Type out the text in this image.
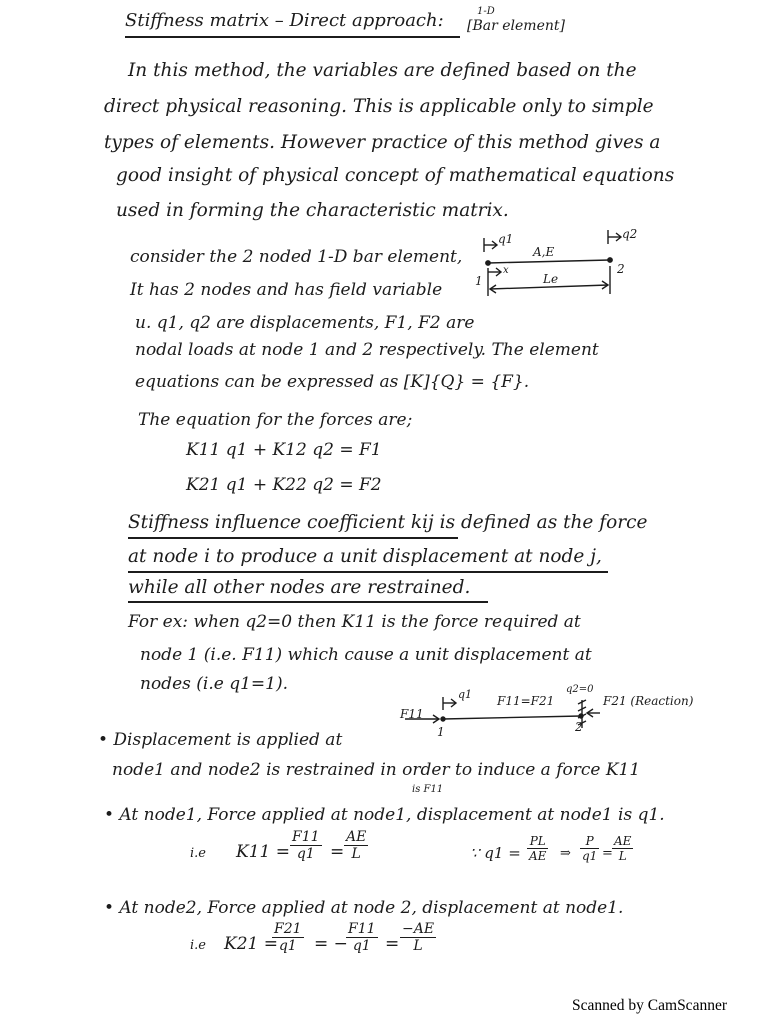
Stiffness matrix – Direct approach:	1-D
[Bar element]
In this method, the variables are defined based on the
direct physical reasoning. This is applicable only to simple
types of elements. However practice of this method gives a
good insight of physical concept of mathematical equations
used in forming the characteristic matrix.
consider the 2 noded 1-D bar element,
It has 2 nodes and has field variable
u. q1, q2 are displacements, F1, F2 are
nodal loads at node 1 and 2 respectively. The element
equations can be expressed as [K]{Q} = {F}.
The equation for the forces are;
q1	q2
A,E
x
Le
1
2
K11 q1 + K12 q2 = F1
K21 q1 + K22 q2 = F2
Stiffness influence coefficient kij is defined as the force
at node i to produce a unit displacement at node j,
while all other nodes are restrained.
For ex: when q2=0 then K11 is the force required at
node 1 (i.e. F11) which cause a unit displacement at
nodes (i.e q1=1).
F11
q1 F11=F21
q2=0
F21 (Reaction)
1	2
• Displacement is applied at
node1 and node2 is restrained in order to induce a force K11
is F11
• At node1, Force applied at node1, displacement at node1 is q1.
i.e $K11 = \frac{F11}{q1} = \frac{AE}{L}$	∵ $q1 = \frac{PL}{AE}$ ⇒ $\frac{P}{q1} = \frac{AE}{L}$
• At node2, Force applied at node 2, displacement at node1.
i.e K21 =
$\frac{F21}{q1}$ = −
$\frac{F11}{q1} = \frac{-AE}{L}$
Scanned by CamScanner
